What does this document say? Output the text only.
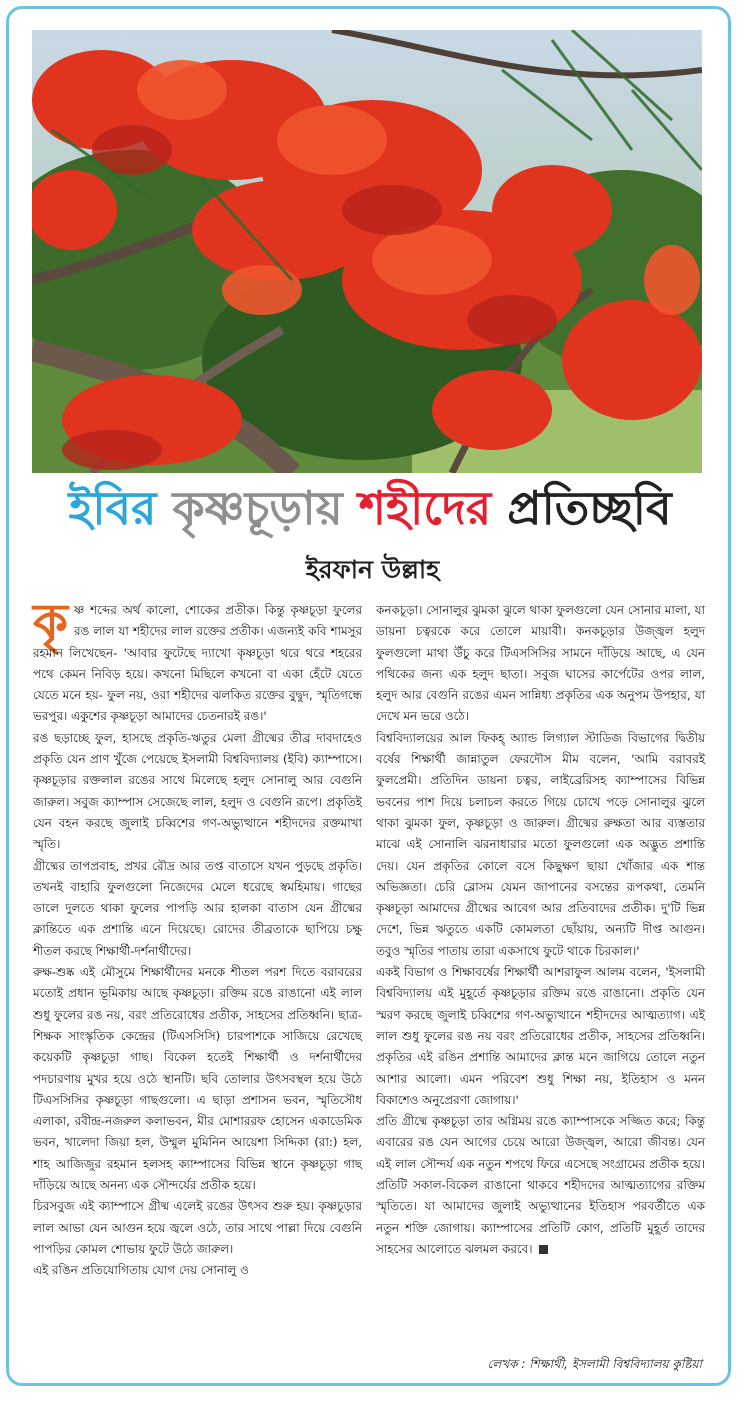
ইবির কৃষ্ণচূড়ায় শহীদের প্রতিচ্ছবি
ইরফান উল্লাহ

কৃষ্ণ শব্দের অর্থ কালো, শোকের প্রতীক। কিন্তু কৃষ্ণচূড়া ফুলের রঙ লাল যা শহীদের লাল রক্তের প্রতীক। এজন্যই কবি শামসুর রহমান লিখেছেন- 'আবার ফুটেছে দ্যাখো কৃষ্ণচূড়া থরে থরে শহরের পথে কেমন নিবিড় হয়ে। কখনো মিছিলে কখনো বা একা হেঁটে যেতে যেতে মনে হয়- ফুল নয়, ওরা শহীদের ঝলকিত রক্তের বুদ্বুদ, স্মৃতিগন্ধে ভরপুর। একুশের কৃষ্ণচূড়া আমাদের চেতনারই রঙ।'

রঙ ছড়াচ্ছে ফুল, হাসছে প্রকৃতি-ঋতুর মেলা গ্রীষ্মের তীব্র দাবদাহেও প্রকৃতি যেন প্রাণ খুঁজে পেয়েছে ইসলামী বিশ্ববিদ্যালয় (ইবি) ক্যাম্পাসে। কৃষ্ণচূড়ার রক্তলাল রঙের সাথে মিলেছে হলুদ সোনালু আর বেগুনি জারুল। সবুজ ক্যাম্পাস সেজেছে লাল, হলুদ ও বেগুনি রূপে। প্রকৃতিই যেন বহন করছে জুলাই চব্বিশের গণ-অভ্যুত্থানে শহীদদের রক্তমাখা স্মৃতি।

গ্রীষ্মের তাপপ্রবাহ, প্রখর রৌদ্র আর তপ্ত বাতাসে যখন পুড়ছে প্রকৃতি। তখনই বাহারি ফুলগুলো নিজেদের মেলে ধরেছে স্বমহিমায়। গাছের ডালে দুলতে থাকা ফুলের পাপড়ি আর হালকা বাতাস যেন গ্রীষ্মের ক্লান্তিতে এক প্রশান্তি এনে দিয়েছে। রোদের তীব্রতাকে ছাপিয়ে চক্ষু শীতল করছে শিক্ষার্থী-দর্শনার্থীদের।

রুক্ষ-শুষ্ক এই মৌসুমে শিক্ষার্থীদের মনকে শীতল পরশ দিতে বরাবরের মতোই প্রধান ভূমিকায় আছে কৃষ্ণচূড়া। রক্তিম রঙে রাঙানো এই লাল শুধু ফুলের রঙ নয়, বরং প্রতিরোধের প্রতীক, সাহসের প্রতিধ্বনি। ছাত্র-শিক্ষক সাংস্কৃতিক কেন্দ্রের (টিএসসিসি) চারপাশকে সাজিয়ে রেখেছে কয়েকটি কৃষ্ণচূড়া গাছ। বিকেল হতেই শিক্ষার্থী ও দর্শনার্থীদের পদচারণায় মুখর হয়ে ওঠে স্থানটি। ছবি তোলার উৎসবস্থল হয়ে উঠে টিএসসিসির কৃষ্ণচূড়া গাছগুলো। এ ছাড়া প্রশাসন ভবন, স্মৃতিসৌধ এলাকা, রবীন্দ্র-নজরুল কলাভবন, মীর মোশাররফ হোসেন একাডেমিক ভবন, খালেদা জিয়া হল, উম্মুল মুমিনিন আয়েশা সিদ্দিকা (রা:) হল, শাহ আজিজুর রহমান হলসহ ক্যাম্পাসের বিভিন্ন স্থানে কৃষ্ণচূড়া গাছ দাঁড়িয়ে আছে অনন্য এক সৌন্দর্যের প্রতীক হয়ে।

চিরসবুজ এই ক্যাম্পাসে গ্রীষ্ম এলেই রঙের উৎসব শুরু হয়। কৃষ্ণচূড়ার লাল আভা যেন আগুন হয়ে জ্বলে ওঠে, তার সাথে পাল্লা দিয়ে বেগুনি পাপড়ির কোমল শোভায় ফুটে উঠে জারুল।

এই রঙিন প্রতিযোগিতায় যোগ দেয় সোনালু ও

কনকচূড়া। সোনালুর ঝুমকা ঝুলে থাকা ফুলগুলো যেন সোনার মালা, যা ডায়না চত্বরকে করে তোলে মায়াবী। কনকচূড়ার উজ্জ্বল হলুদ ফুলগুলো মাথা উঁচু করে টিএসসিসির সামনে দাঁড়িয়ে আছে, এ যেন পথিকের জন্য এক হলুদ ছাতা। সবুজ ঘাসের কার্পেটের ওপর লাল, হলুদ আর বেগুনি রঙের এমন সান্নিধ্য প্রকৃতির এক অনুপম উপহার, যা দেখে মন ভরে ওঠে।

বিশ্ববিদ্যালয়ের আল ফিকহ্ অ্যান্ড লিগ্যাল স্টাডিজ বিভাগের দ্বিতীয় বর্ষের শিক্ষার্থী জান্নাতুল ফেরদৌস মীম বলেন, 'আমি বরাবরই ফুলপ্রেমী। প্রতিদিন ডায়না চত্বর, লাইব্রেরিসহ ক্যাম্পাসের বিভিন্ন ভবনের পাশ দিয়ে চলাচল করতে গিয়ে চোখে পড়ে সোনালুর ঝুলে থাকা ঝুমকা ফুল, কৃষ্ণচূড়া ও জারুল। গ্রীষ্মের রুক্ষতা আর ব্যস্ততার মাঝে এই সোনালি ঝরনাধারার মতো ফুলগুলো এক অদ্ভুত প্রশান্তি দেয়। যেন প্রকৃতির কোলে বসে কিছুক্ষণ ছায়া খোঁজার এক শান্ত অভিজ্ঞতা। চেরি ব্লোসম যেমন জাপানের বসন্তের রূপকথা, তেমনি কৃষ্ণচূড়া আমাদের গ্রীষ্মের আবেগ আর প্রতিবাদের প্রতীক। দু'টি ভিন্ন দেশে, ভিন্ন ঋতুতে একটি কোমলতা ছোঁয়ায়, অন্যটি দীপ্ত আগুন। তবুও স্মৃতির পাতায় তারা একসাথে ফুটে থাকে চিরকাল।'

একই বিভাগ ও শিক্ষাবর্ষের শিক্ষার্থী আশরাফুল আলম বলেন, 'ইসলামী বিশ্ববিদ্যালয় এই মুহূর্তে কৃষ্ণচূড়ার রক্তিম রঙে রাঙানো। প্রকৃতি যেন স্মরণ করছে জুলাই চব্বিশের গণ-অভ্যুত্থানে শহীদদের আত্মত্যাগ। এই লাল শুধু ফুলের রঙ নয় বরং প্রতিরোধের প্রতীক, সাহসের প্রতিধ্বনি। প্রকৃতির এই রঙিন প্রশান্তি আমাদের ক্লান্ত মনে জাগিয়ে তোলে নতুন আশার আলো। এমন পরিবেশ শুধু শিক্ষা নয়, ইতিহাস ও মনন বিকাশেও অনুপ্রেরণা জোগায়।'

প্রতি গ্রীষ্মে কৃষ্ণচূড়া তার অগ্নিময় রঙে ক্যাম্পাসকে সজ্জিত করে; কিন্তু এবারের রঙ যেন আগের চেয়ে আরো উজ্জ্বল, আরো জীবন্ত। যেন এই লাল সৌন্দর্য এক নতুন শপথে ফিরে এসেছে সংগ্রামের প্রতীক হয়ে। প্রতিটি সকাল-বিকেল রাঙানো থাকবে শহীদদের আত্মত্যাগের রক্তিম স্মৃতিতে। যা আমাদের জুলাই অভ্যুত্থানের ইতিহাস পরবর্তীতে এক নতুন শক্তি জোগায়। ক্যাম্পাসের প্রতিটি কোণ, প্রতিটি মুহূর্ত তাদের সাহসের আলোতে ঝলমল করবে।

লেখক : শিক্ষার্থী, ইসলামী বিশ্ববিদ্যালয় কুষ্টিয়া
